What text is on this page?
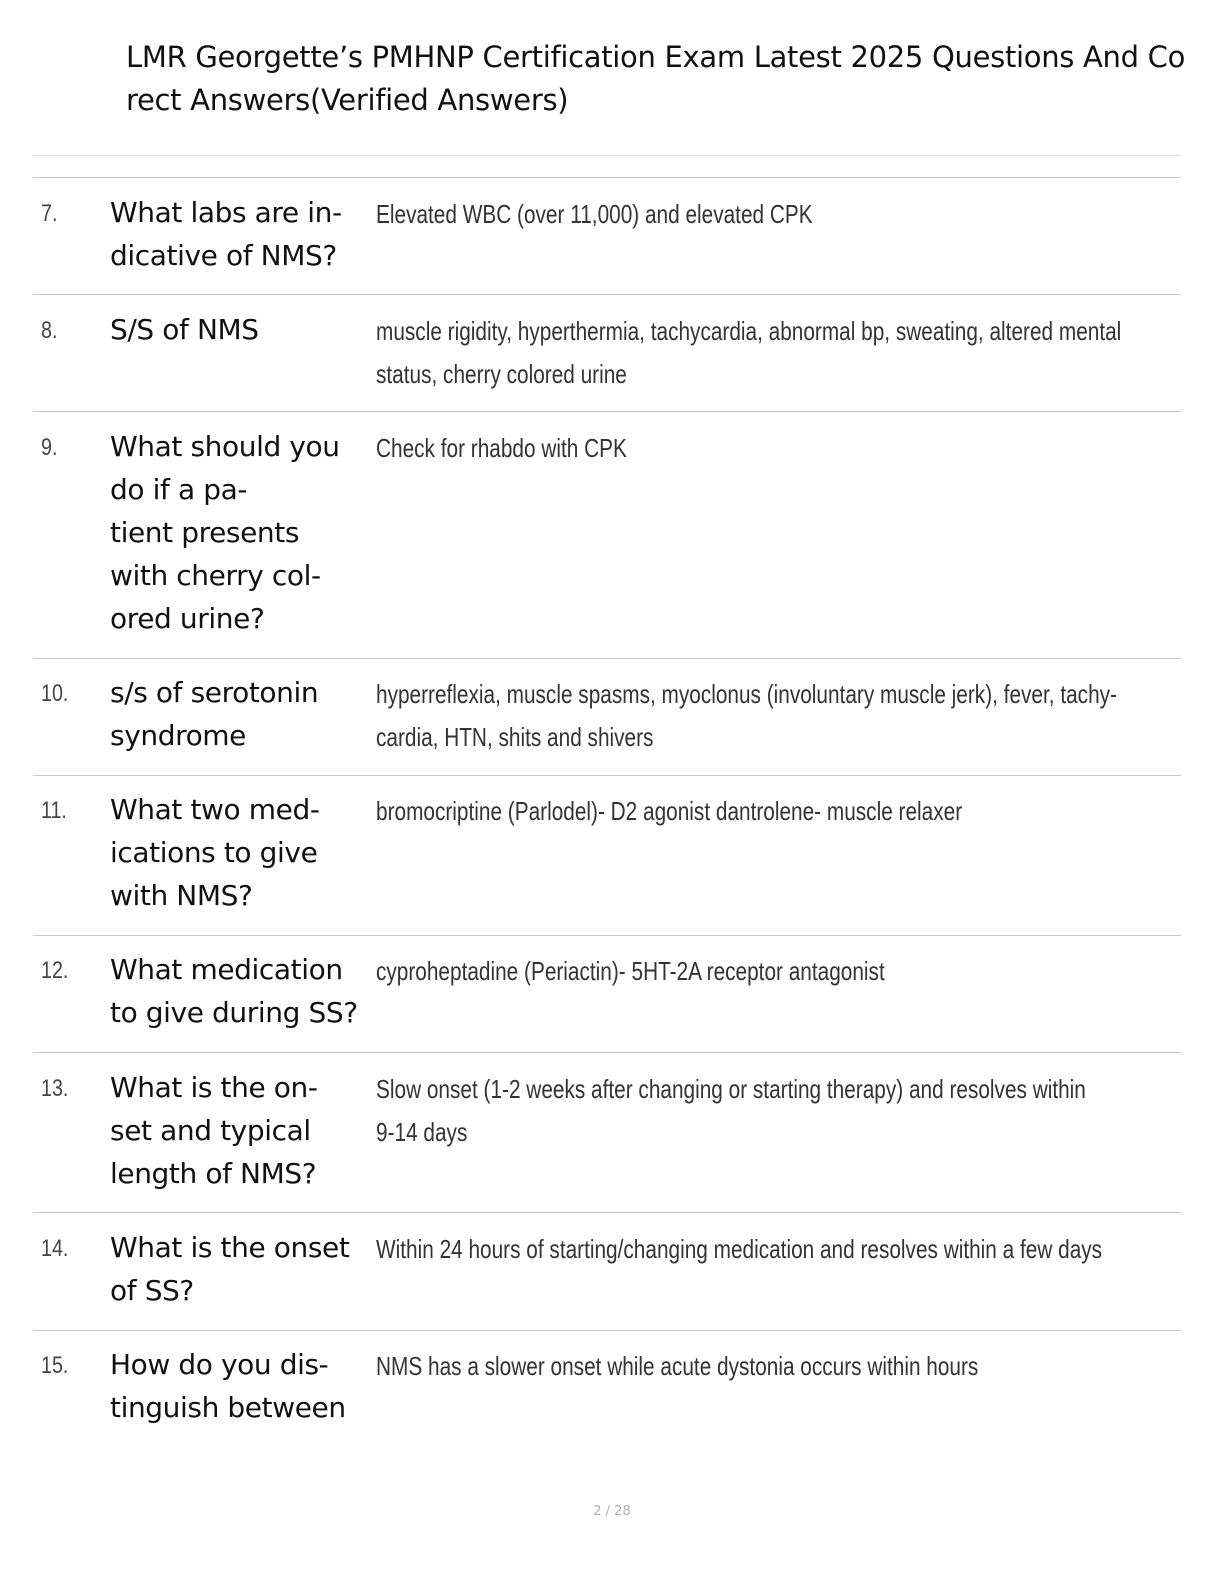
LMR Georgette’s PMHNP Certification Exam Latest 2025 Questions And Co
rect Answers(Verified Answers)
7. What labs are in-
dicative of NMS?
Elevated WBC (over 11,000) and elevated CPK
8. S/S of NMS	muscle rigidity, hyperthermia, tachycardia, abnormal bp, sweating, altered mental
status, cherry colored urine
9. What should you
do if a pa-
tient presents
with cherry col-
ored urine?
Check for rhabdo with CPK
10. s/s of serotonin
syndrome
hyperreflexia, muscle spasms, myoclonus (involuntary muscle jerk), fever, tachy-
cardia, HTN, shits and shivers
11. What two med-
ications to give
with NMS?
bromocriptine (Parlodel)- D2 agonist dantrolene- muscle relaxer
12. What medication
to give during SS?
cyproheptadine (Periactin)- 5HT-2A receptor antagonist
13. What is the on-
set and typical
length of NMS?
Slow onset (1-2 weeks after changing or starting therapy) and resolves within
9-14 days
14. What is the onset
of SS?
Within 24 hours of starting/changing medication and resolves within a few days
15. How do you dis-
tinguish between
NMS has a slower onset while acute dystonia occurs within hours
2 / 28
